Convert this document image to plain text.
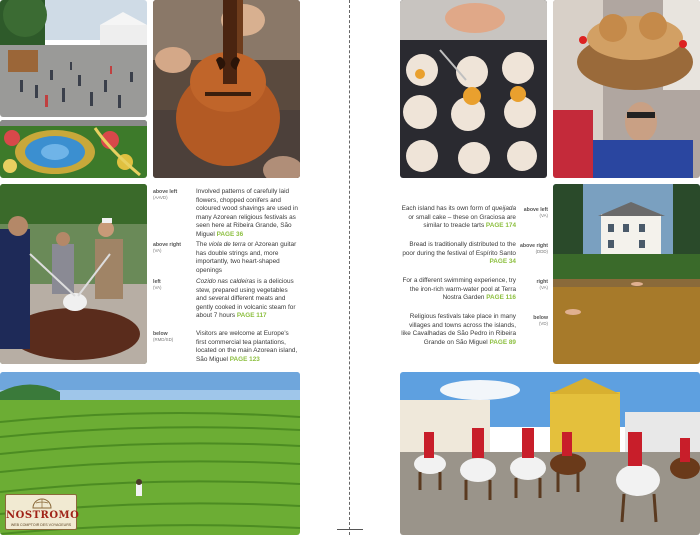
above left
(AAVD)
Involved patterns of carefully laid flowers, chopped conifers and coloured wood shavings are used in many Azorean religious festivals as seen here at Ribeira Grande, São Miguel PAGE 36
above right
(VA)
The viola de terra or Azorean guitar has double strings and, more importantly, two heart-shaped openings
left
(VA)
Cozido nas caldeiras is a delicious stew, prepared using vegetables and several different meats and gently cooked in volcanic steam for about 7 hours PAGE 117
below
(RMD/SD)
Visitors are welcome at Europe's first commercial tea plantations, located on the main Azorean island, São Miguel PAGE 123
Each island has its own form of queijada or small cake – these on Graciosa are similar to treacle tarts PAGE 174
above left
(VA)
Bread is traditionally distributed to the poor during the festival of Espírito Santo PAGE 34
above right
(DDD)
For a different swimming experience, try the iron-rich warm-water pool at Terra Nostra Garden PAGE 116
right
(VA)
Religious festivals take place in many villages and towns across the islands, like Cavalhadas de São Pedro in Ribeira Grande on São Miguel PAGE 89
below
(VD)
NOSTROMO
WEB COMPTOIR DES VOYAGEURS
